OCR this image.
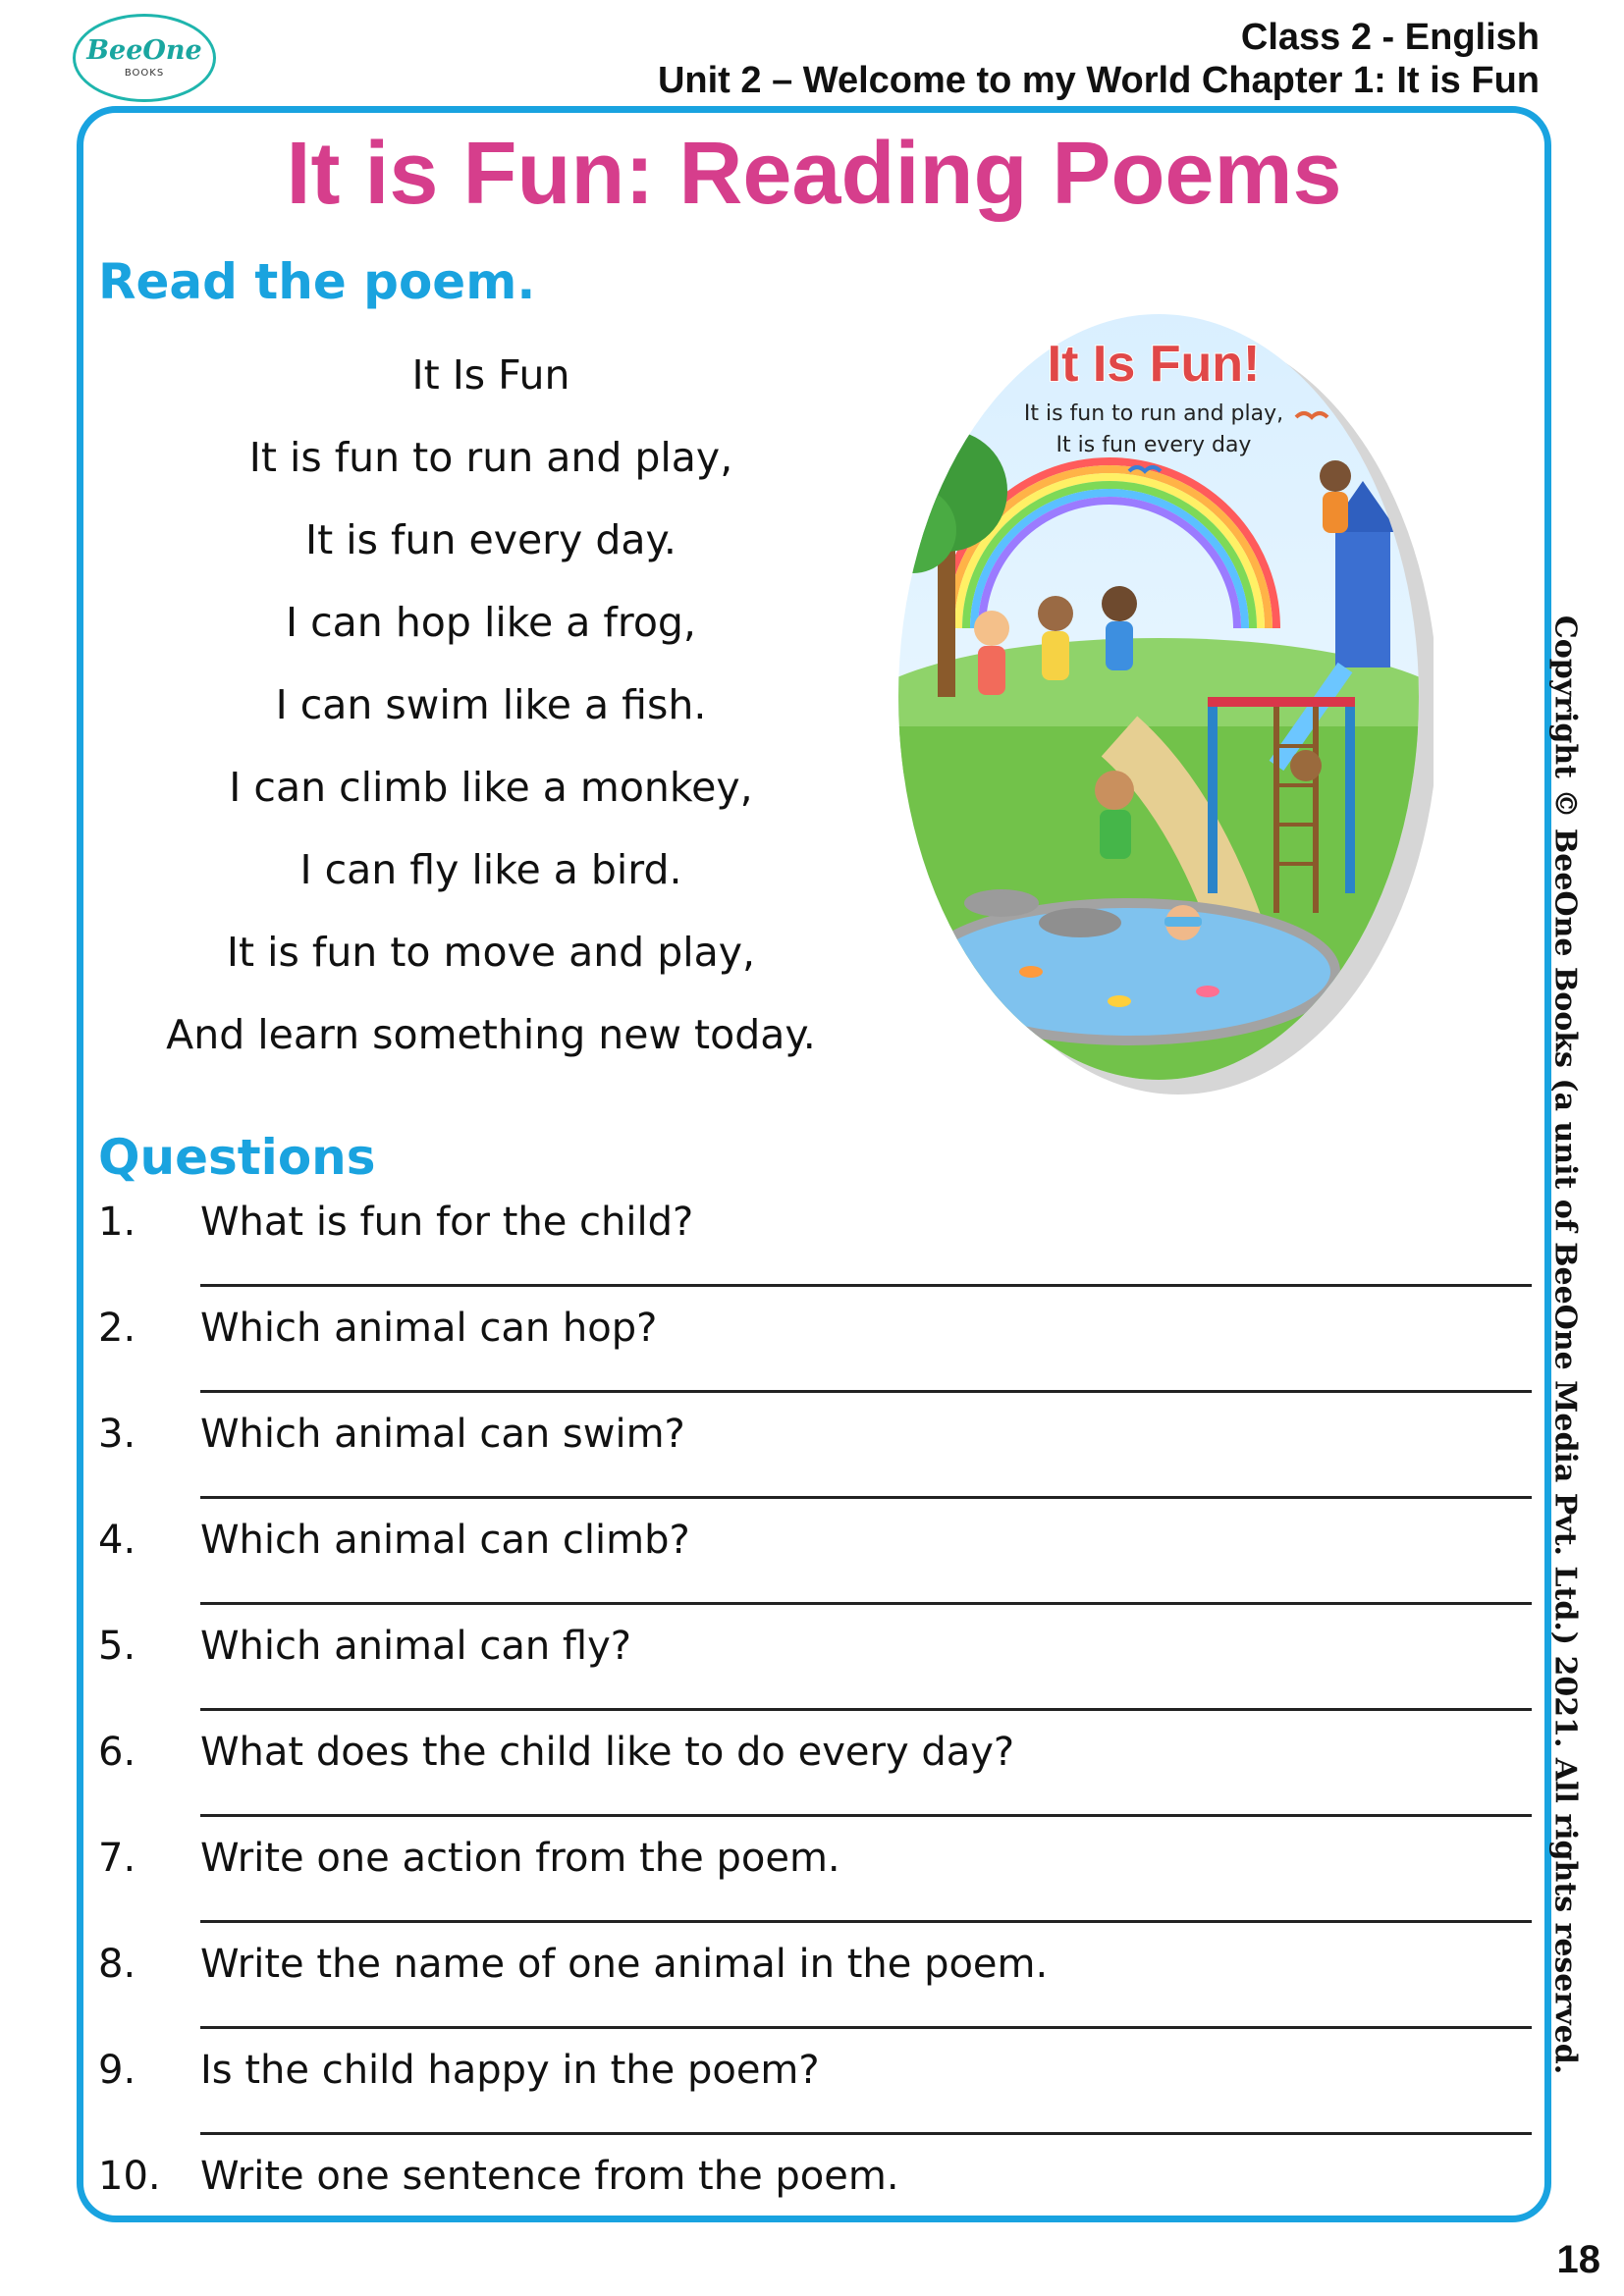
BeeOne
BOOKS
Class 2 - English
Unit 2 – Welcome to my World Chapter 1: It is Fun
It is Fun: Reading Poems
Read the poem.
It Is Fun
It is fun to run and play,
It is fun every day.
I can hop like a frog,
I can swim like a fish.
I can climb like a monkey,
I can fly like a bird.
It is fun to move and play,
And learn something new today.
It Is Fun!
It is fun to run and play,
It is fun every day
Questions
1. What is fun for the child?
2. Which animal can hop?
3. Which animal can swim?
4. Which animal can climb?
5. Which animal can fly?
6. What does the child like to do every day?
7. Write one action from the poem.
8. Write the name of one animal in the poem.
9. Is the child happy in the poem?
10. Write one sentence from the poem.
Copyright © BeeOne Books (a unit of BeeOne Media Pvt. Ltd.) 2021. All rights reserved.
18
